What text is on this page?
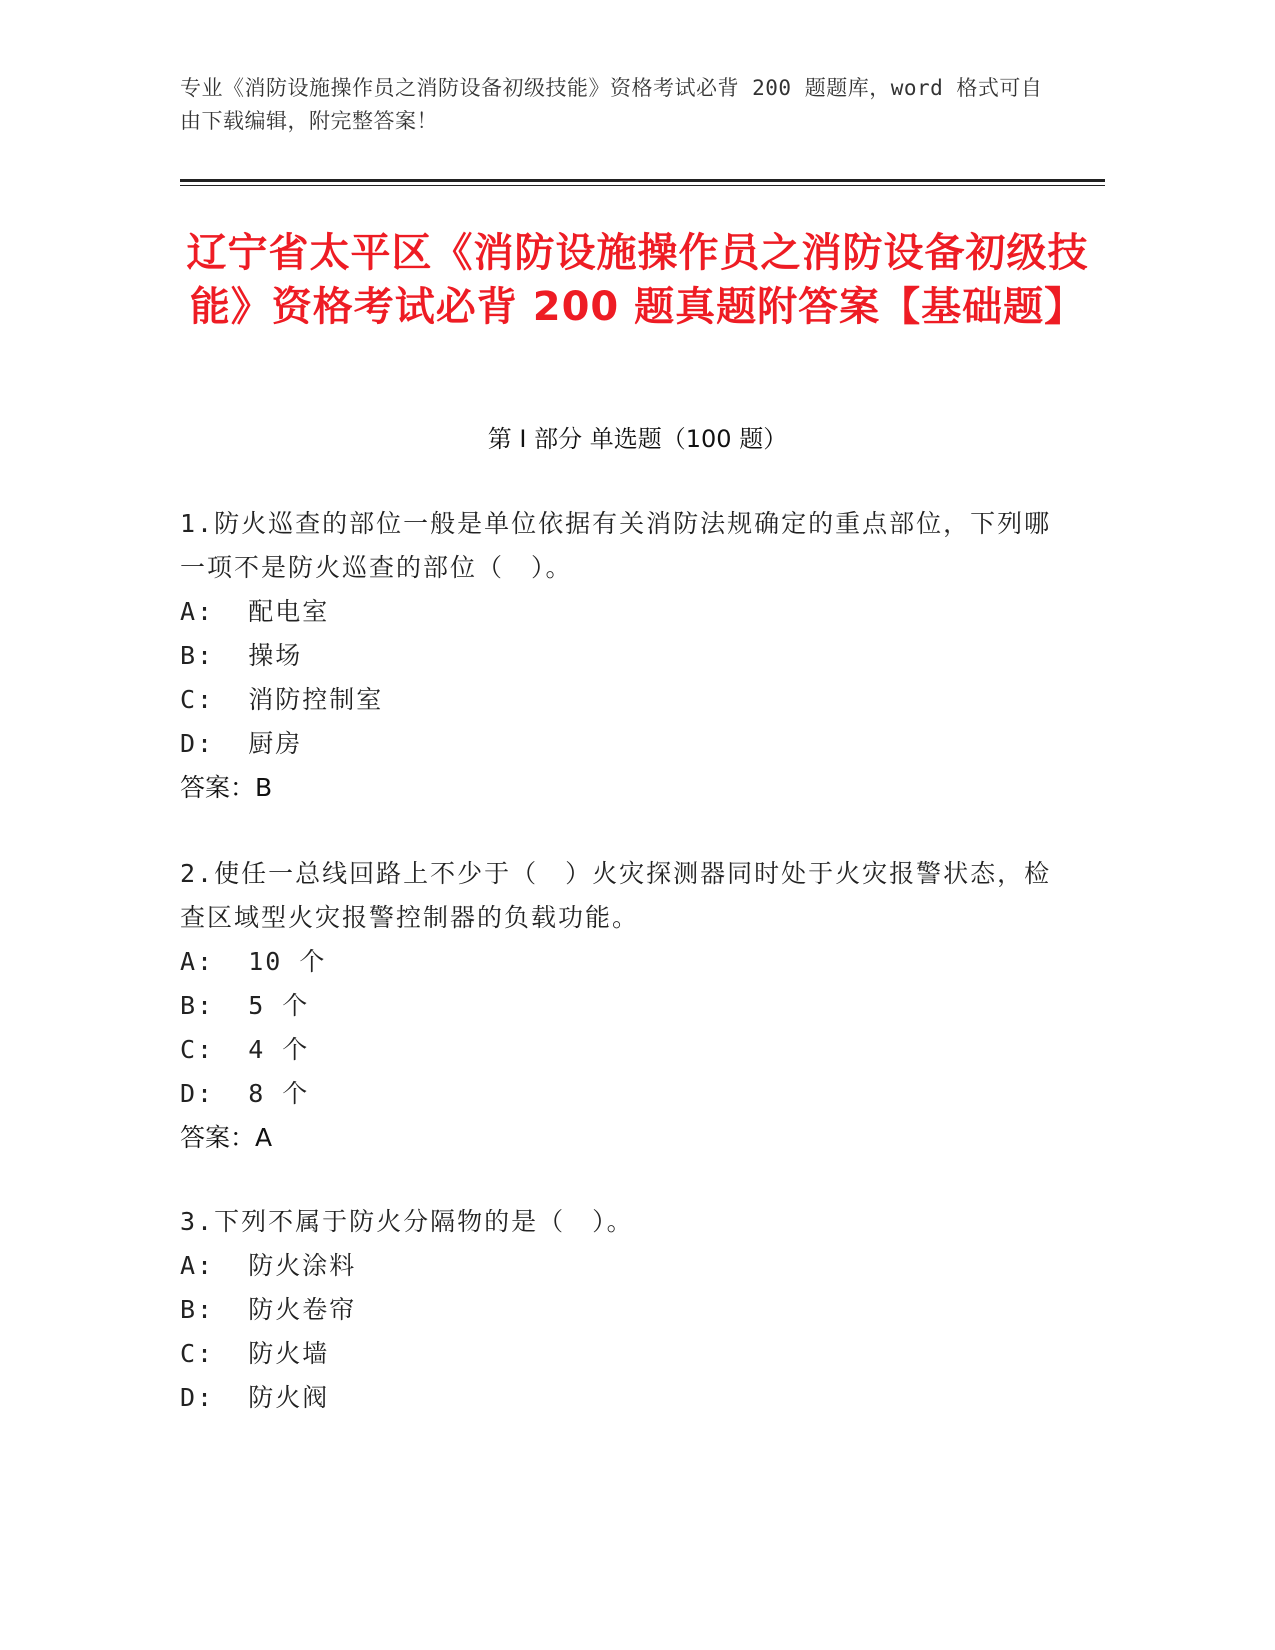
专业《消防设施操作员之消防设备初级技能》资格考试必背 200 题题库，word 格式可自由下载编辑，附完整答案！
辽宁省太平区《消防设施操作员之消防设备初级技能》资格考试必背 200 题真题附答案【基础题】
第 I 部分 单选题（100 题）
1.防火巡查的部位一般是单位依据有关消防法规确定的重点部位，下列哪一项不是防火巡查的部位（　）。
A:  配电室
B:  操场
C:  消防控制室
D:  厨房
答案：B
2.使任一总线回路上不少于（　）火灾探测器同时处于火灾报警状态，检查区域型火灾报警控制器的负载功能。
A:  10 个
B:  5 个
C:  4 个
D:  8 个
答案：A
3.下列不属于防火分隔物的是（　）。
A:  防火涂料
B:  防火卷帘
C:  防火墙
D:  防火阀
